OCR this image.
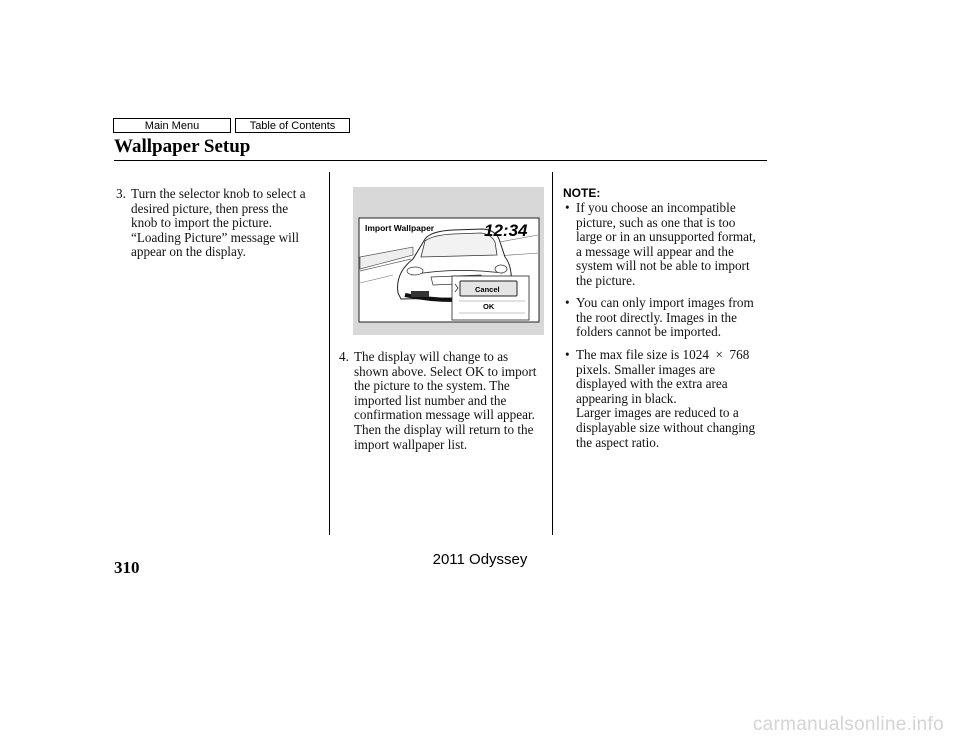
Main Menu	Table of Contents
Wallpaper Setup
3. Turn the selector knob to select a
desired picture, then press the
knob to import the picture.
“Loading Picture” message will
appear on the display.
Import Wallpaper	12:34
Cancel
OK
4. The display will change to as
shown above. Select OK to import
the picture to the system. The
imported list number and the
confirmation message will appear.
Then the display will return to the
import wallpaper list.
NOTE:
• If you choose an incompatible
picture, such as one that is too
large or in an unsupported format,
a message will appear and the
system will not be able to import
the picture.
• You can only import images from
the root directly. Images in the
folders cannot be imported.
• The max file size is 1024  ×  768
pixels. Smaller images are
displayed with the extra area
appearing in black.
Larger images are reduced to a
displayable size without changing
the aspect ratio.
310	2011 Odyssey
carmanualsonline.info
